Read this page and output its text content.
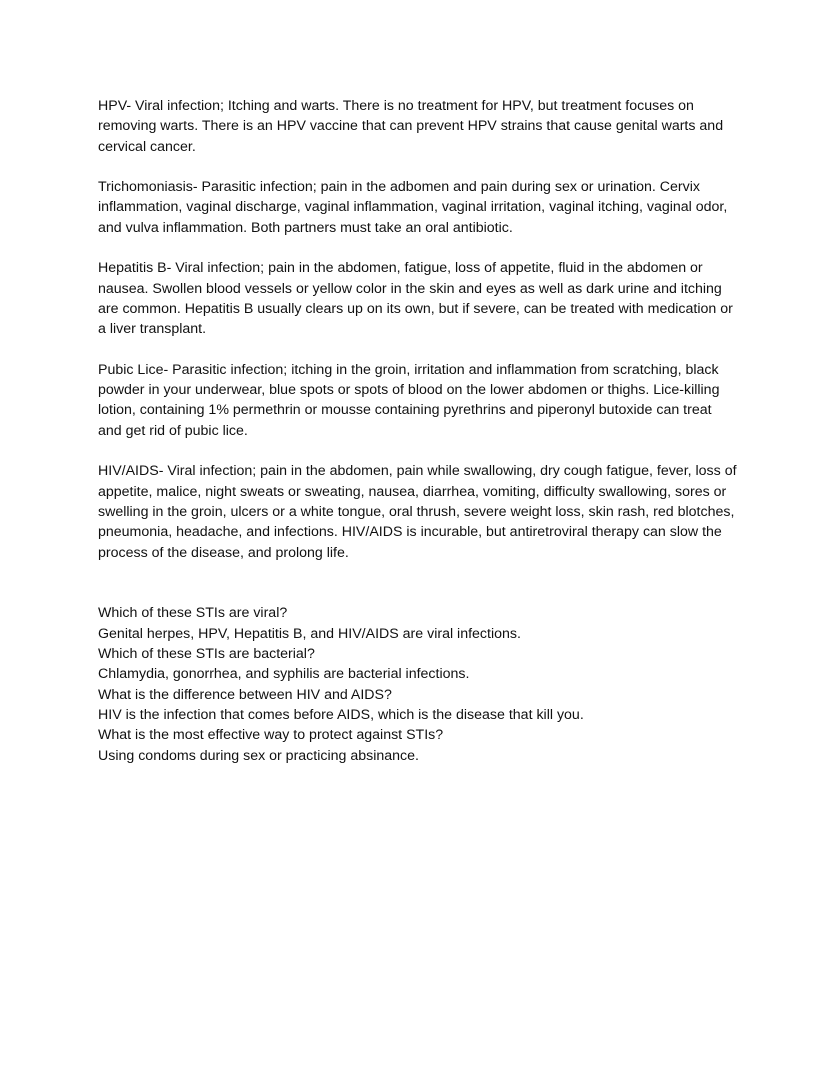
HPV- Viral infection; Itching and warts. There is no treatment for HPV, but treatment focuses on removing warts. There is an HPV vaccine that can prevent HPV strains that cause genital warts and cervical cancer.

Trichomoniasis- Parasitic infection; pain in the adbomen and pain during sex or urination. Cervix inflammation, vaginal discharge, vaginal inflammation, vaginal irritation, vaginal itching, vaginal odor, and vulva inflammation. Both partners must take an oral antibiotic.

Hepatitis B- Viral infection; pain in the abdomen, fatigue, loss of appetite, fluid in the abdomen or nausea. Swollen blood vessels or yellow color in the skin and eyes as well as dark urine and itching are common. Hepatitis B usually clears up on its own, but if severe, can be treated with medication or a liver transplant.

Pubic Lice- Parasitic infection; itching in the groin, irritation and inflammation from scratching, black powder in your underwear, blue spots or spots of blood on the lower abdomen or thighs. Lice-killing lotion, containing 1% permethrin or mousse containing pyrethrins and piperonyl butoxide can treat and get rid of pubic lice.

HIV/AIDS- Viral infection; pain in the abdomen, pain while swallowing, dry cough fatigue, fever, loss of appetite, malice, night sweats or sweating, nausea, diarrhea, vomiting, difficulty swallowing, sores or swelling in the groin, ulcers or a white tongue, oral thrush, severe weight loss, skin rash, red blotches, pneumonia, headache, and infections. HIV/AIDS is incurable, but antiretroviral therapy can slow the process of the disease, and prolong life.

Which of these STIs are viral?

Genital herpes, HPV, Hepatitis B, and HIV/AIDS are viral infections.

Which of these STIs are bacterial?

Chlamydia, gonorrhea, and syphilis are bacterial infections.

What is the difference between HIV and AIDS?

HIV is the infection that comes before AIDS, which is the disease that kill you.

What is the most effective way to protect against STIs?

Using condoms during sex or practicing absinance.
